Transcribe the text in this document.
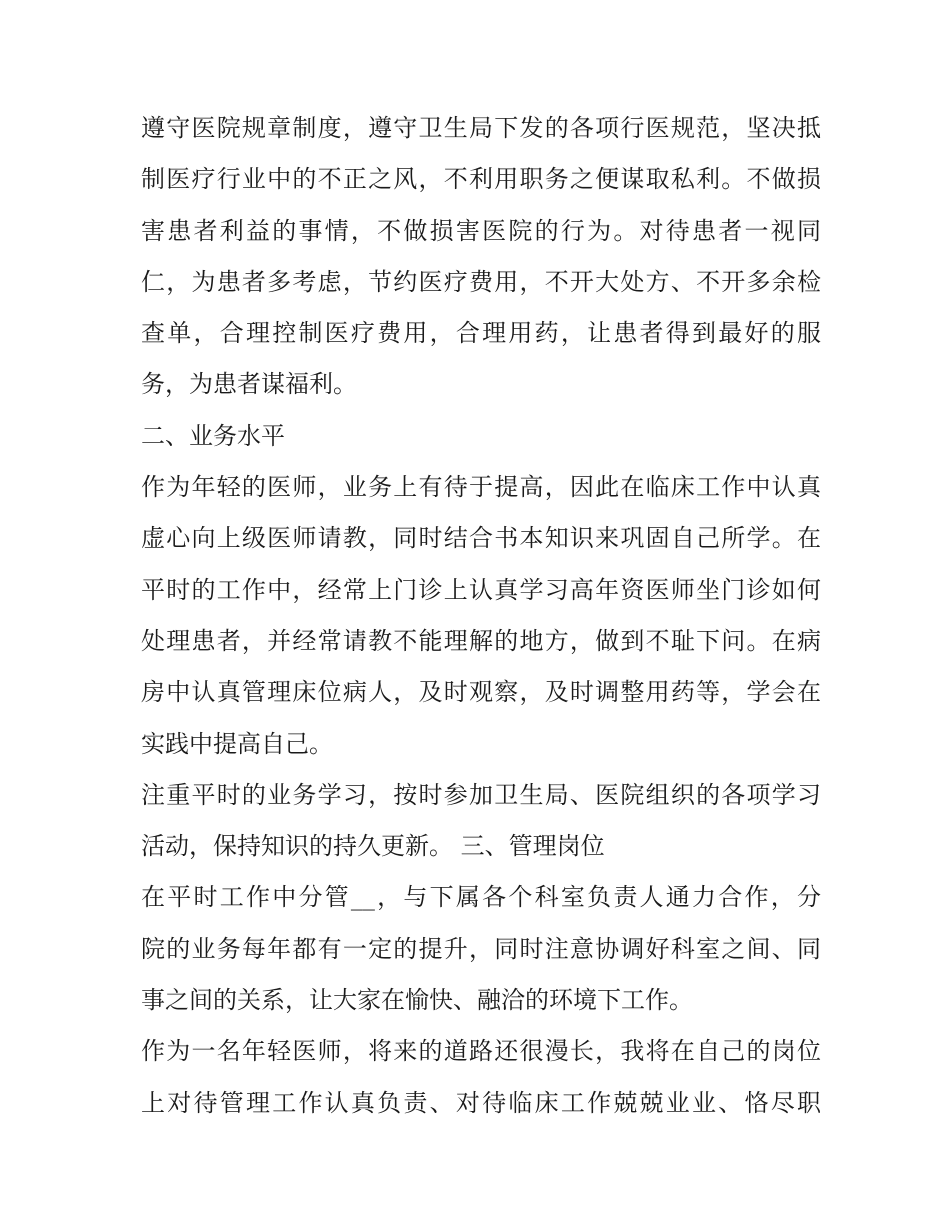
遵守医院规章制度，遵守卫生局下发的各项行医规范，坚决抵
制医疗行业中的不正之风，不利用职务之便谋取私利。不做损
害患者利益的事情，不做损害医院的行为。对待患者一视同
仁，为患者多考虑，节约医疗费用，不开大处方、不开多余检
查单，合理控制医疗费用，合理用药，让患者得到最好的服
务，为患者谋福利。
二、业务水平
作为年轻的医师，业务上有待于提高，因此在临床工作中认真
虚心向上级医师请教，同时结合书本知识来巩固自己所学。在
平时的工作中，经常上门诊上认真学习高年资医师坐门诊如何
处理患者，并经常请教不能理解的地方，做到不耻下问。在病
房中认真管理床位病人，及时观察，及时调整用药等，学会在
实践中提高自己。
注重平时的业务学习，按时参加卫生局、医院组织的各项学习
活动，保持知识的持久更新。 三、管理岗位
在平时工作中分管__，与下属各个科室负责人通力合作，分
院的业务每年都有一定的提升，同时注意协调好科室之间、同
事之间的关系，让大家在愉快、融洽的环境下工作。
作为一名年轻医师，将来的道路还很漫长，我将在自己的岗位
上对待管理工作认真负责、对待临床工作兢兢业业、恪尽职
